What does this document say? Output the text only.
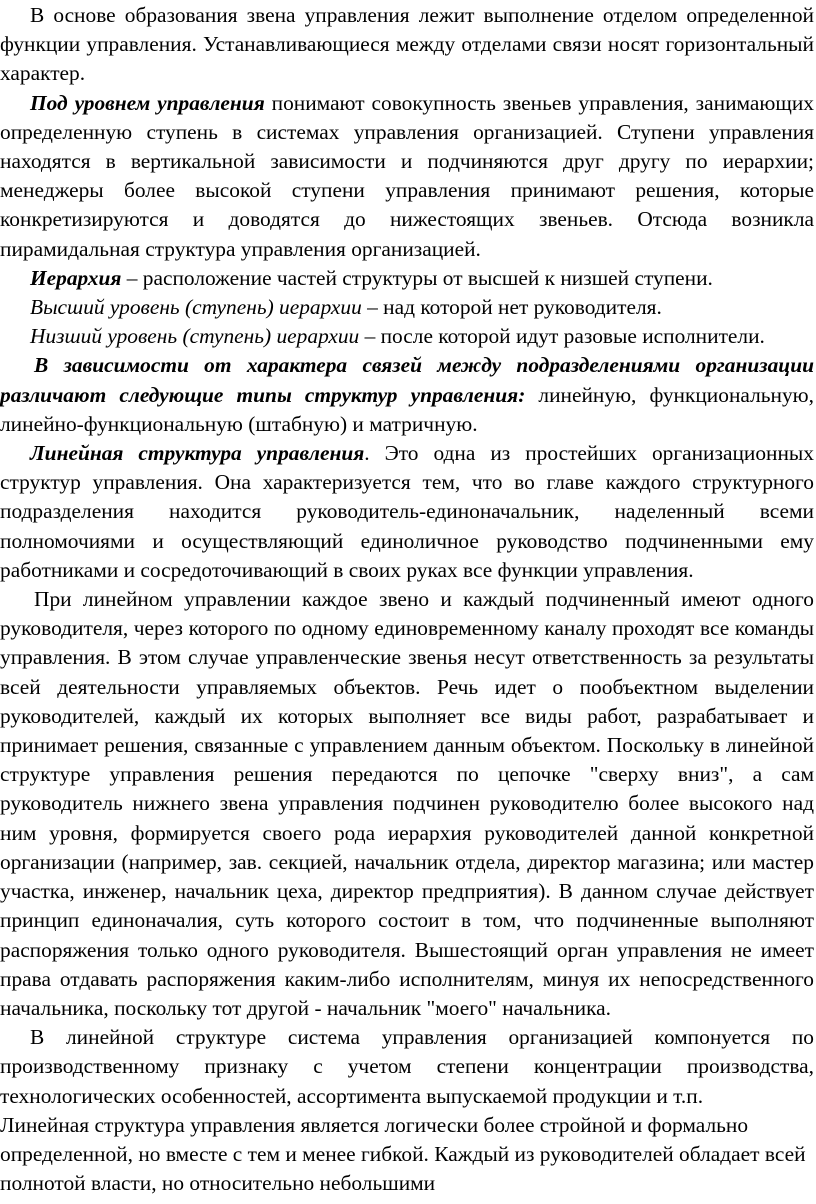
В основе образования звена управления лежит выполнение отделом определенной функции управления. Устанавливающиеся между отделами связи носят горизонтальный характер.

Под уровнем управления понимают совокупность звеньев управления, занимающих определенную ступень в системах управления организацией. Ступени управления находятся в вертикальной зависимости и подчиняются друг другу по иерархии; менеджеры более высокой ступени управления принимают решения, которые конкретизируются и доводятся до нижестоящих звеньев. Отсюда возникла пирамидальная структура управления организацией.

Иерархия – расположение частей структуры от высшей к низшей ступени.

Высший уровень (ступень) иерархии – над которой нет руководителя.

Низший уровень (ступень) иерархии – после которой идут разовые исполнители.

В зависимости от характера связей между подразделениями организации различают следующие типы структур управления: линейную, функциональную, линейно-функциональную (штабную) и матричную.

Линейная структура управления. Это одна из простейших организационных структур управления. Она характеризуется тем, что во главе каждого структурного подразделения находится руководитель-единоначальник, наделенный всеми полномочиями и осуществляющий единоличное руководство подчиненными ему работниками и сосредоточивающий в своих руках все функции управления.

При линейном управлении каждое звено и каждый подчиненный имеют одного руководителя, через которого по одному единовременному каналу проходят все команды управления. В этом случае управленческие звенья несут ответственность за результаты всей деятельности управляемых объектов. Речь идет о пообъектном выделении руководителей, каждый их которых выполняет все виды работ, разрабатывает и принимает решения, связанные с управлением данным объектом. Поскольку в линейной структуре управления решения передаются по цепочке "сверху вниз", а сам руководитель нижнего звена управления подчинен руководителю более высокого над ним уровня, формируется своего рода иерархия руководителей данной конкретной организации (например, зав. секцией, начальник отдела, директор магазина; или мастер участка, инженер, начальник цеха, директор предприятия). В данном случае действует принцип единоначалия, суть которого состоит в том, что подчиненные выполняют распоряжения только одного руководителя. Вышестоящий орган управления не имеет права отдавать распоряжения каким-либо исполнителям, минуя их непосредственного начальника, поскольку тот другой - начальник "моего" начальника.

В линейной структуре система управления организацией компонуется по производственному признаку с учетом степени концентрации производства, технологических особенностей, ассортимента выпускаемой продукции и т.п.

Линейная структура управления является логически более стройной и формально определенной, но вместе с тем и менее гибкой. Каждый из руководителей обладает всей полнотой власти, но относительно небольшими
